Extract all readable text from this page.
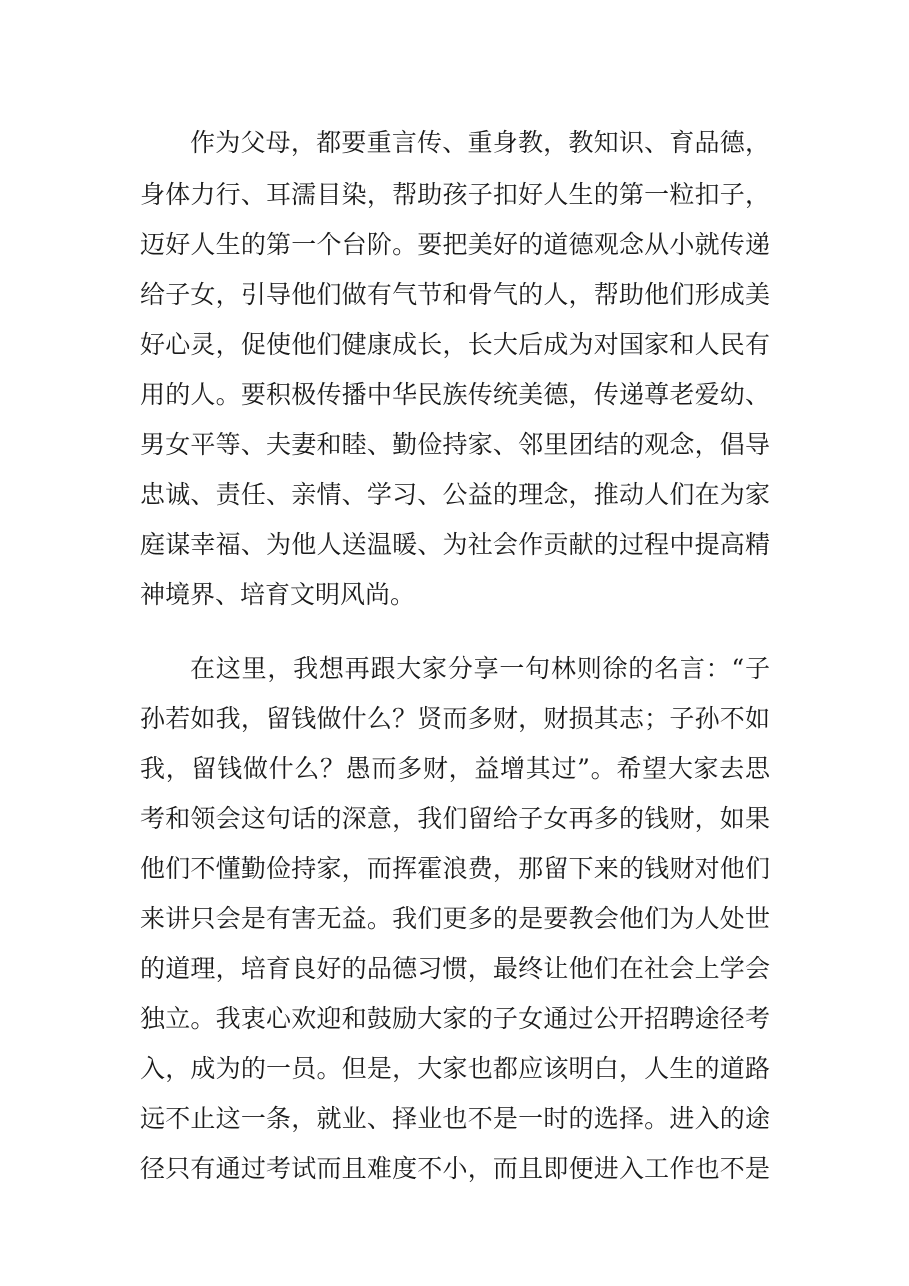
作为父母，都要重言传、重身教，教知识、育品德，
身体力行、耳濡目染，帮助孩子扣好人生的第一粒扣子，
迈好人生的第一个台阶。要把美好的道德观念从小就传递
给子女，引导他们做有气节和骨气的人，帮助他们形成美
好心灵，促使他们健康成长，长大后成为对国家和人民有
用的人。要积极传播中华民族传统美德，传递尊老爱幼、
男女平等、夫妻和睦、勤俭持家、邻里团结的观念，倡导
忠诚、责任、亲情、学习、公益的理念，推动人们在为家
庭谋幸福、为他人送温暖、为社会作贡献的过程中提高精
神境界、培育文明风尚。
在这里，我想再跟大家分享一句林则徐的名言：“子
孙若如我，留钱做什么？贤而多财，财损其志；子孙不如
我，留钱做什么？愚而多财，益增其过”。希望大家去思
考和领会这句话的深意，我们留给子女再多的钱财，如果
他们不懂勤俭持家，而挥霍浪费，那留下来的钱财对他们
来讲只会是有害无益。我们更多的是要教会他们为人处世
的道理，培育良好的品德习惯，最终让他们在社会上学会
独立。我衷心欢迎和鼓励大家的子女通过公开招聘途径考
入，成为的一员。但是，大家也都应该明白，人生的道路
远不止这一条，就业、择业也不是一时的选择。进入的途
径只有通过考试而且难度不小，而且即便进入工作也不是
